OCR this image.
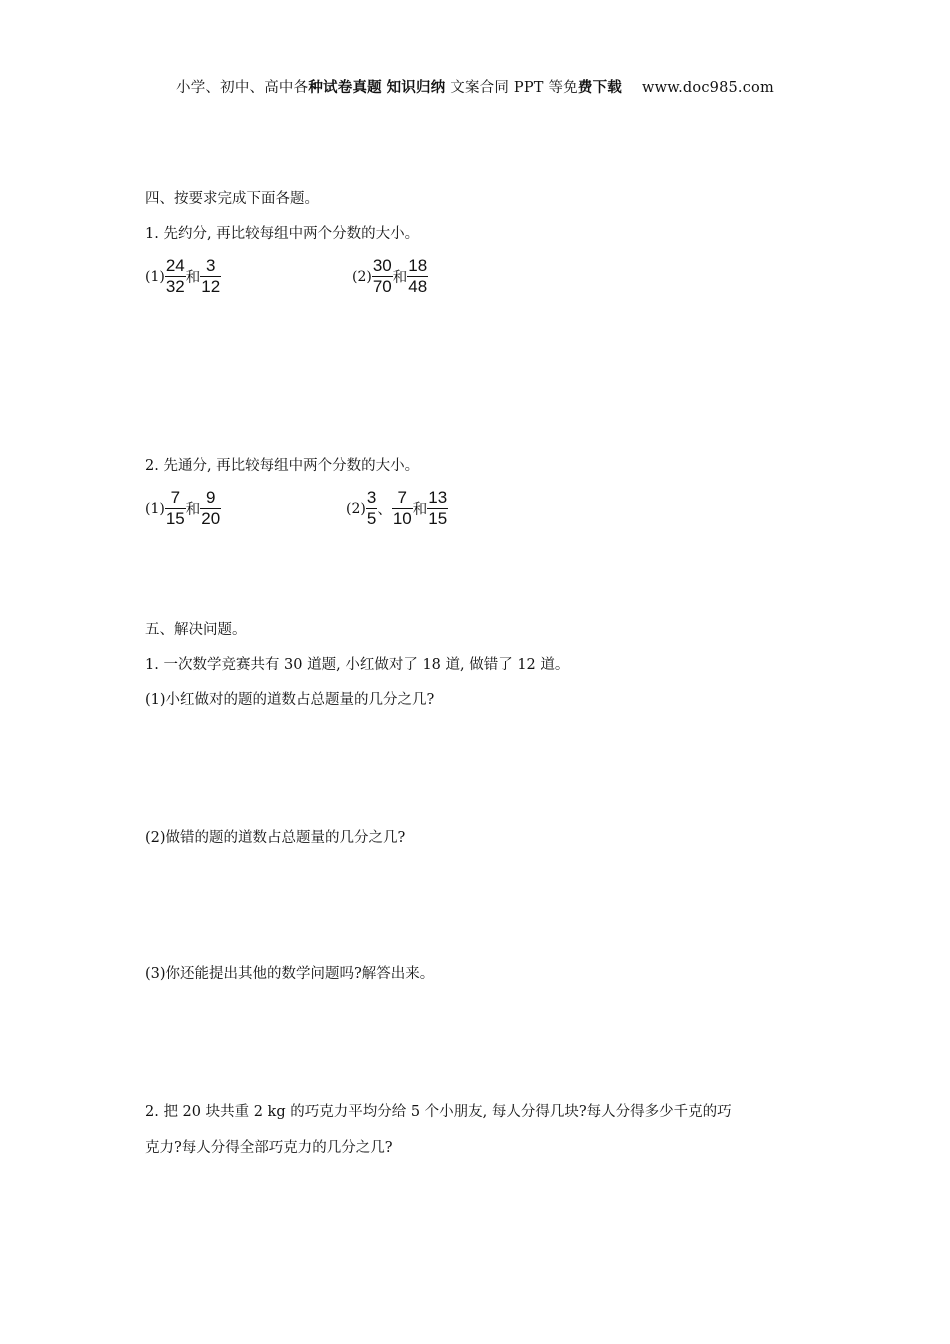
小学、初中、高中各种试卷真题 知识归纳 文案合同 PPT 等免费下载 www.doc985.com
四、按要求完成下面各题。
1. 先约分, 再比较每组中两个分数的大小。
$(1) \frac{24}{32}$ 和 $\frac{3}{12}$	$(2) \frac{30}{70}$ 和 $\frac{18}{48}$
2. 先通分, 再比较每组中两个分数的大小。
$(1) \frac{7}{15}$ 和 $\frac{9}{20}$	$(2) \frac{3}{5}$ 、 $\frac{7}{10}$ 和 $\frac{13}{15}$
五、解决问题。
1. 一次数学竞赛共有 30 道题, 小红做对了 18 道, 做错了 12 道。
(1)小红做对的题的道数占总题量的几分之几?
(2)做错的题的道数占总题量的几分之几?
(3)你还能提出其他的数学问题吗?解答出来。
2. 把 20 块共重 2 kg 的巧克力平均分给 5 个小朋友, 每人分得几块?每人分得多少千克的巧
克力?每人分得全部巧克力的几分之几?
